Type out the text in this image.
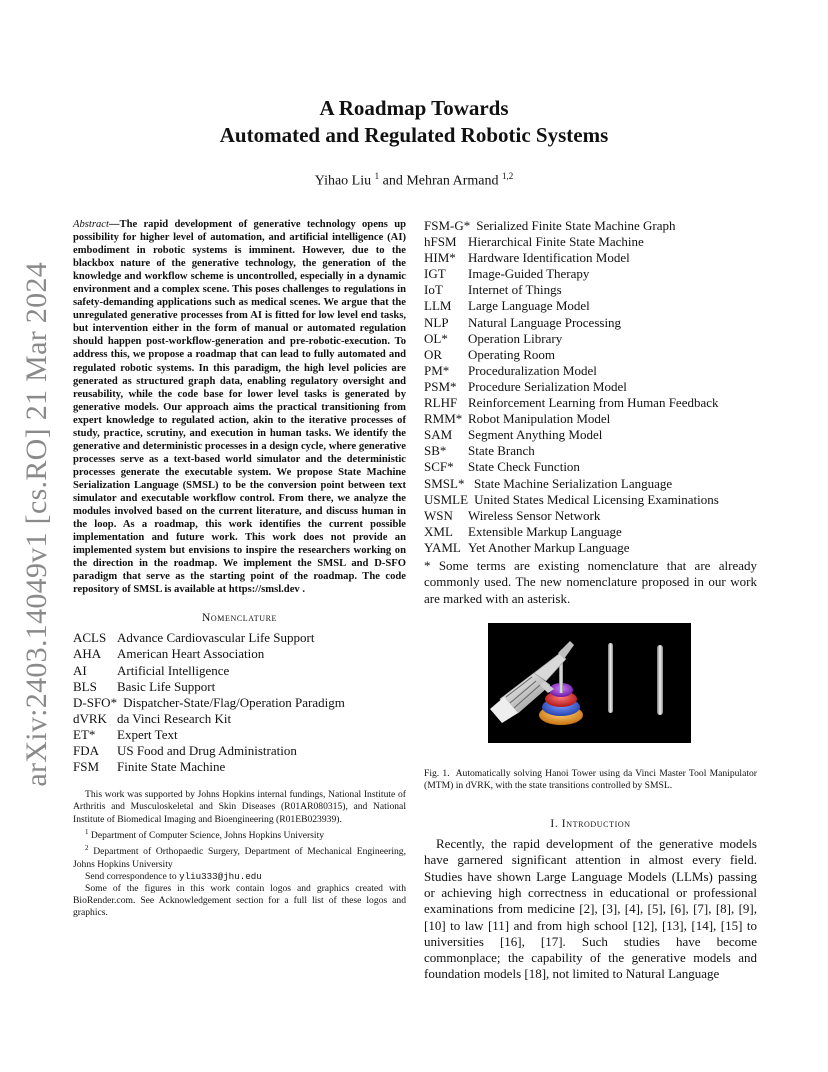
arXiv:2403.14049v1 [cs.RO] 21 Mar 2024
A Roadmap Towards
Automated and Regulated Robotic Systems
Yihao Liu $^1$ and Mehran Armand $^{1,2}$

Abstract—The rapid development of generative technology opens up possibility for higher level of automation, and artificial intelligence (AI) embodiment in robotic systems is imminent. However, due to the blackbox nature of the generative technology, the generation of the knowledge and workflow scheme is uncontrolled, especially in a dynamic environment and a complex scene. This poses challenges to regulations in safety-demanding applications such as medical scenes. We argue that the unregulated generative processes from AI is fitted for low level end tasks, but intervention either in the form of manual or automated regulation should happen post-workflow-generation and pre-robotic-execution. To address this, we propose a roadmap that can lead to fully automated and regulated robotic systems. In this paradigm, the high level policies are generated as structured graph data, enabling regulatory oversight and reusability, while the code base for lower level tasks is generated by generative models. Our approach aims the practical transitioning from expert knowledge to regulated action, akin to the iterative processes of study, practice, scrutiny, and execution in human tasks. We identify the generative and deterministic processes in a design cycle, where generative processes serve as a text-based world simulator and the deterministic processes generate the executable system. We propose State Machine Serialization Language (SMSL) to be the conversion point between text simulator and executable workflow control. From there, we analyze the modules involved based on the current literature, and discuss human in the loop. As a roadmap, this work identifies the current possible implementation and future work. This work does not provide an implemented system but envisions to inspire the researchers working on the direction in the roadmap. We implement the SMSL and D-SFO paradigm that serve as the starting point of the roadmap. The code repository of SMSL is available at https://smsl.dev .

Nomenclature

ACLS Advance Cardiovascular Life Support
AHA American Heart Association
AI Artificial Intelligence
BLS Basic Life Support
D-SFO* Dispatcher-State/Flag/Operation Paradigm
dVRK da Vinci Research Kit
ET* Expert Text
FDA US Food and Drug Administration
FSM Finite State Machine

This work was supported by Johns Hopkins internal fundings, National Institute of Arthritis and Musculoskeletal and Skin Diseases (R01AR080315), and National Institute of Biomedical Imaging and Bioengineering (R01EB023939).

$^1$ Department of Computer Science, Johns Hopkins University

$^2$ Department of Orthopaedic Surgery, Department of Mechanical Engineering, Johns Hopkins University

Send correspondence to yliu333@jhu.edu

Some of the figures in this work contain logos and graphics created with BioRender.com. See Acknowledgement section for a full list of these logos and graphics.

FSM-G* Serialized Finite State Machine Graph
hFSM Hierarchical Finite State Machine
HIM* Hardware Identification Model
IGT Image-Guided Therapy
IoT Internet of Things
LLM Large Language Model
NLP Natural Language Processing
OL* Operation Library
OR Operating Room
PM* Proceduralization Model
PSM* Procedure Serialization Model
RLHF Reinforcement Learning from Human Feedback
RMM* Robot Manipulation Model
SAM Segment Anything Model
SB* State Branch
SCF* State Check Function
SMSL* State Machine Serialization Language
USMLE United States Medical Licensing Examinations
WSN Wireless Sensor Network
XML Extensible Markup Language
YAML Yet Another Markup Language

* Some terms are existing nomenclature that are already commonly used. The new nomenclature proposed in our work are marked with an asterisk.

Fig. 1. Automatically solving Hanoi Tower using da Vinci Master Tool Manipulator (MTM) in dVRK, with the state transitions controlled by SMSL.

I. Introduction

Recently, the rapid development of the generative models have garnered significant attention in almost every field. Studies have shown Large Language Models (LLMs) passing or achieving high correctness in educational or professional examinations from medicine [2], [3], [4], [5], [6], [7], [8], [9], [10] to law [11] and from high school [12], [13], [14], [15] to universities [16], [17]. Such studies have become commonplace; the capability of the generative models and foundation models [18], not limited to Natural Language
